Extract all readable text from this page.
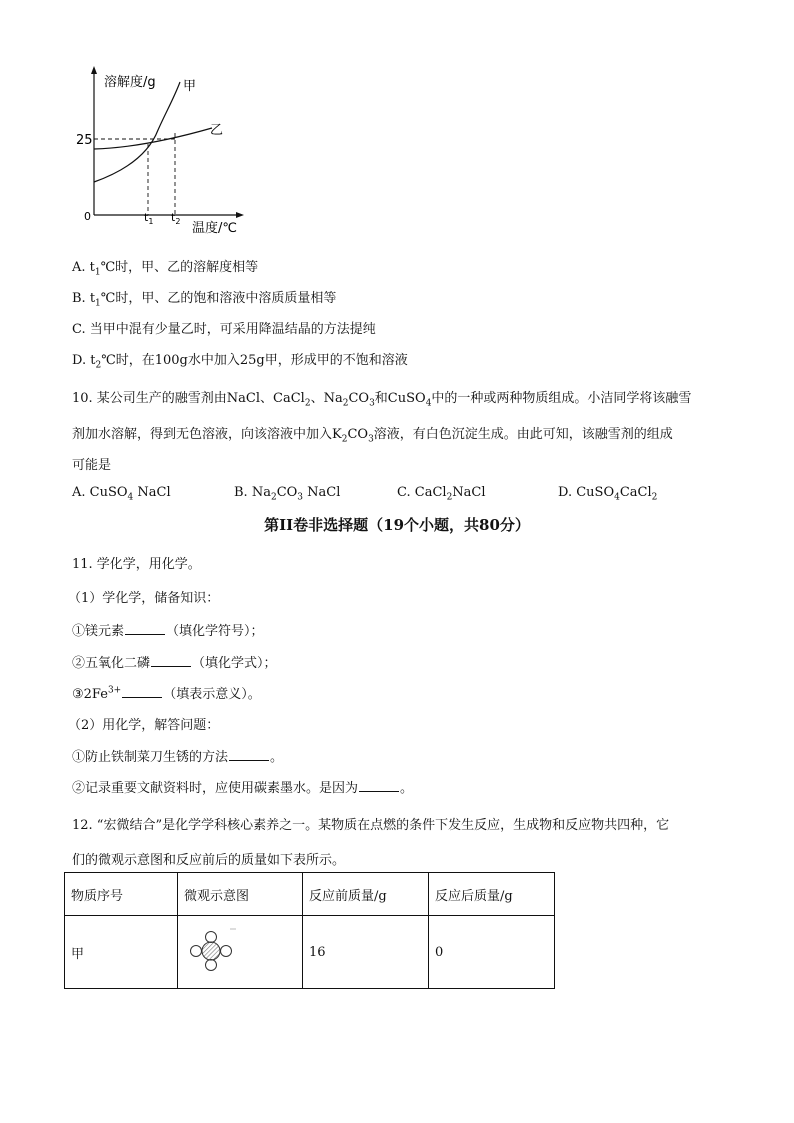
溶解度/g 甲
乙
25
0	$t_1$ $t_2$ 温度/℃
A. $t_1℃$时，甲、乙的溶解度相等
B. $t_1℃$时，甲、乙的饱和溶液中溶质质量相等
C. 当甲中混有少量乙时，可采用降温结晶的方法提纯
D. $t_2℃$时，在100g水中加入25g甲，形成甲的不饱和溶液
10. 某公司生产的融雪剂由NaCl、CaCl$_2$、$Na_2CO_3$和CuSO$_4$中的一种或两种物质组成。小洁同学将该融雪
剂加水溶解，得到无色溶液，向该溶液中加入$K_2CO_3$溶液，有白色沉淀生成。由此可知，该融雪剂的组成
可能是
A. CuSO$_4$ NaCl	B. $Na_2CO_3$ NaCl	C. CaCl$_2$NaCl	D. CuSO$_4$CaCl$_2$
第II卷非选择题（19个小题，共80分）
11. 学化学，用化学。
（1）学化学，储备知识：
①镁元素	（填化学符号）；
②五氧化二磷	（填化学式）；
$③2Fe^{3+}$	（填表示意义）。
（2）用化学，解答问题：
①防止铁制菜刀生锈的方法	。
②记录重要文献资料时，应使用碳素墨水。是因为	。
12. “宏微结合”是化学学科核心素养之一。某物质在点燃的条件下发生反应，生成物和反应物共四种，它
们的微观示意图和反应前后的质量如下表所示。
物质序号	微观示意图	反应前质量/g	反应后质量/g
甲		16	0
